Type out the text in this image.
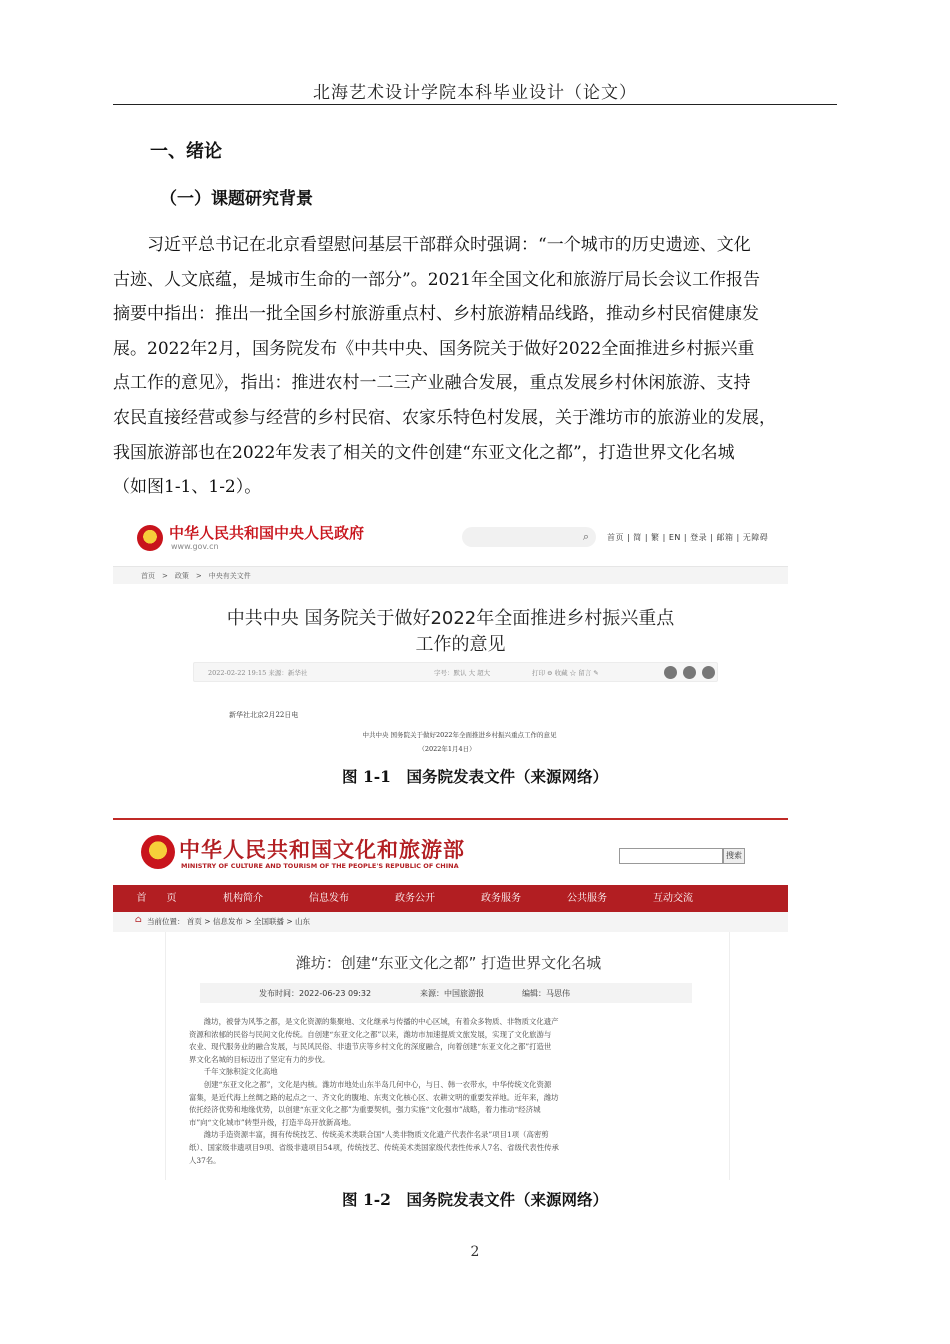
北海艺术设计学院本科毕业设计（论文）
一、绪论
（一）课题研究背景
　　习近平总书记在北京看望慰问基层干部群众时强调：“一个城市的历史遗迹、文化
古迹、人文底蕴，是城市生命的一部分”。2021年全国文化和旅游厅局长会议工作报告
摘要中指出：推出一批全国乡村旅游重点村、乡村旅游精品线路，推动乡村民宿健康发
展。2022年2月，国务院发布《中共中央、国务院关于做好2022全面推进乡村振兴重
点工作的意见》，指出：推进农村一二三产业融合发展，重点发展乡村休闲旅游、支持
农民直接经营或参与经营的乡村民宿、农家乐特色村发展，关于潍坊市的旅游业的发展，
我国旅游部也在2022年发表了相关的文件创建“东亚文化之都”，打造世界文化名城
（如图1-1、1-2）。
中华人民共和国中央人民政府
www.gov.cn
⌕ 首页 | 简 | 繁 | EN | 登录 | 邮箱 | 无障碍
首页　>　政策　>　中央有关文件
中共中央 国务院关于做好2022年全面推进乡村振兴重点
工作的意见
2022-02-22 19:15 来源：新华社	字号：默认 大 超大	打印 ⊖ 收藏 ☆ 留言 ✎
新华社北京2月22日电
中共中央 国务院关于做好2022年全面推进乡村振兴重点工作的意见
（2022年1月4日）
图 1-1　国务院发表文件（来源网络）
中华人民共和国文化和旅游部
MINISTRY OF CULTURE AND TOURISM OF THE PEOPLE'S REPUBLIC OF CHINA
搜索
首　　页	机构简介	信息发布	政务公开	政务服务	公共服务	互动交流
⌂ 当前位置： 首页 > 信息发布 > 全国联播 > 山东
潍坊：创建“东亚文化之都” 打造世界文化名城
发布时间：2022-06-23 09:32	来源：中国旅游报	编辑：马思伟
　　潍坊，被誉为风筝之都，是文化资源的集聚地、文化继承与传播的中心区域，有着众多物质、非物质文化遗产
资源和浓郁的民俗与民间文化传统。自创建“东亚文化之都”以来，潍坊市加速提质文旅发展，实现了文化旅游与
农业、现代服务业的融合发展，与民风民俗、非遗节庆等乡村文化的深度融合，向着创建“东亚文化之都”打造世
界文化名城的目标迈出了坚定有力的步伐。
　　千年文脉积淀文化高地
　　创建“东亚文化之都”，文化是内核。潍坊市地处山东半岛几何中心，与日、韩一衣带水，中华传统文化资源
富集，是近代海上丝绸之路的起点之一、齐文化的腹地、东夷文化核心区、农耕文明的重要发祥地。近年来，潍坊
依托经济优势和地缘优势，以创建“东亚文化之都”为重要契机，强力实施“文化强市”战略，着力推动“经济城
市”向“文化城市”转型升级，打造半岛开放新高地。
　　潍坊手造资源丰富，拥有传统技艺、传统美术类联合国“人类非物质文化遗产代表作名录”项目1项（高密剪
纸）、国家级非遗项目9项、省级非遗项目54项，传统技艺、传统美术类国家级代表性传承人7名、省级代表性传承
人37名。
图 1-2　国务院发表文件（来源网络）
2
